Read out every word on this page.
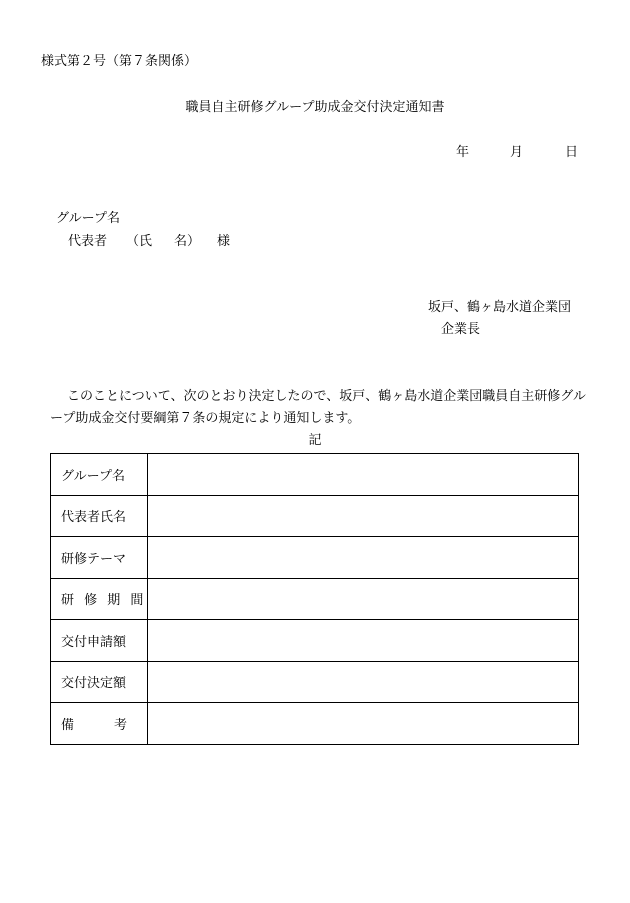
様式第２号（第７条関係）
職員自主研修グループ助成金交付決定通知書
年	月	日
グループ名
代表者 （氏 名） 様
坂戸、鶴ヶ島水道企業団
企業長
このことについて、次のとおり決定したので、坂戸、鶴ヶ島水道企業団職員自主研修グループ助成金交付要綱第７条の規定により通知します。
記
グループ名	
代表者氏名	
研修テーマ	
研 修 期 間	
交付申請額	
交付決定額	

備 考	
